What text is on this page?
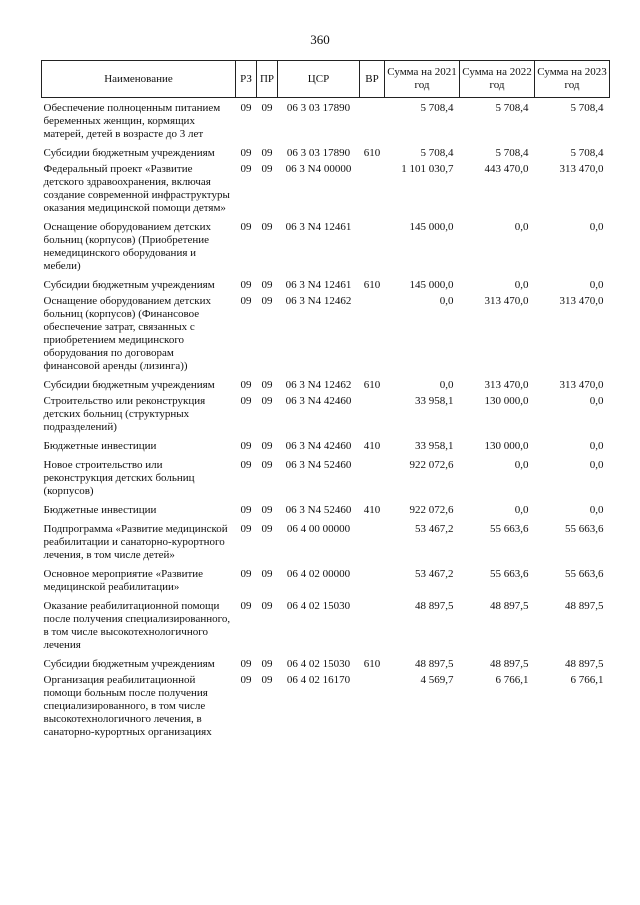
360
Наименование	РЗ	ПР	ЦСР	ВР	Сумма на 2021 год	Сумма на 2022 год	Сумма на 2023 год
Обеспечение полноценным питанием беременных женщин, кормящих матерей, детей в возрасте до 3 лет	09	09	06 3 03 17890		5 708,4	5 708,4	5 708,4
Субсидии бюджетным учреждениям	09	09	06 3 03 17890	610	5 708,4	5 708,4	5 708,4
Федеральный проект «Развитие детского здравоохранения, включая создание современной инфраструктуры оказания медицинской помощи детям»	09	09	06 3 N4 00000		1 101 030,7	443 470,0	313 470,0
Оснащение оборудованием детских больниц (корпусов) (Приобретение немедицинского оборудования и мебели)	09	09	06 3 N4 12461		145 000,0	0,0	0,0
Субсидии бюджетным учреждениям	09	09	06 3 N4 12461	610	145 000,0	0,0	0,0
Оснащение оборудованием детских больниц (корпусов) (Финансовое обеспечение затрат, связанных с приобретением медицинского оборудования по договорам финансовой аренды (лизинга))	09	09	06 3 N4 12462		0,0	313 470,0	313 470,0
Субсидии бюджетным учреждениям	09	09	06 3 N4 12462	610	0,0	313 470,0	313 470,0
Строительство или реконструкция детских больниц (структурных подразделений)	09	09	06 3 N4 42460		33 958,1	130 000,0	0,0
Бюджетные инвестиции	09	09	06 3 N4 42460	410	33 958,1	130 000,0	0,0
Новое строительство или реконструкция детских больниц (корпусов)	09	09	06 3 N4 52460		922 072,6	0,0	0,0
Бюджетные инвестиции	09	09	06 3 N4 52460	410	922 072,6	0,0	0,0
Подпрограмма «Развитие медицинской реабилитации и санаторно-курортного лечения, в том числе детей»	09	09	06 4 00 00000		53 467,2	55 663,6	55 663,6
Основное мероприятие «Развитие медицинской реабилитации»	09	09	06 4 02 00000		53 467,2	55 663,6	55 663,6
Оказание реабилитационной помощи после получения специализированного, в том числе высокотехнологичного лечения	09	09	06 4 02 15030		48 897,5	48 897,5	48 897,5
Субсидии бюджетным учреждениям	09	09	06 4 02 15030	610	48 897,5	48 897,5	48 897,5
Организация реабилитационной помощи больным после получения специализированного, в том числе высокотехнологичного лечения, в санаторно-курортных организациях	09	09	06 4 02 16170		4 569,7	6 766,1	6 766,1
